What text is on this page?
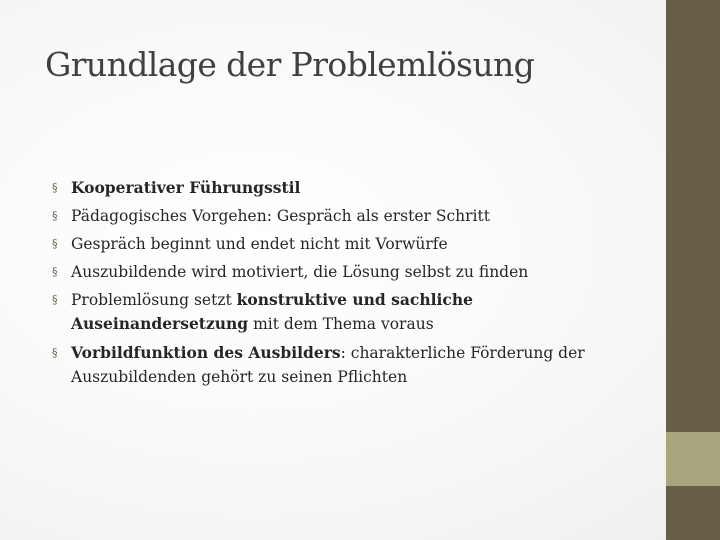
Grundlage der Problemlösung
§ Kooperativer Führungsstil
§ Pädagogisches Vorgehen: Gespräch als erster Schritt
§ Gespräch beginnt und endet nicht mit Vorwürfe
§ Auszubildende wird motiviert, die Lösung selbst zu finden
§ Problemlösung setzt konstruktive und sachliche Auseinandersetzung mit dem Thema voraus
§ Vorbildfunktion des Ausbilders: charakterliche Förderung der Auszubildenden gehört zu seinen Pflichten
